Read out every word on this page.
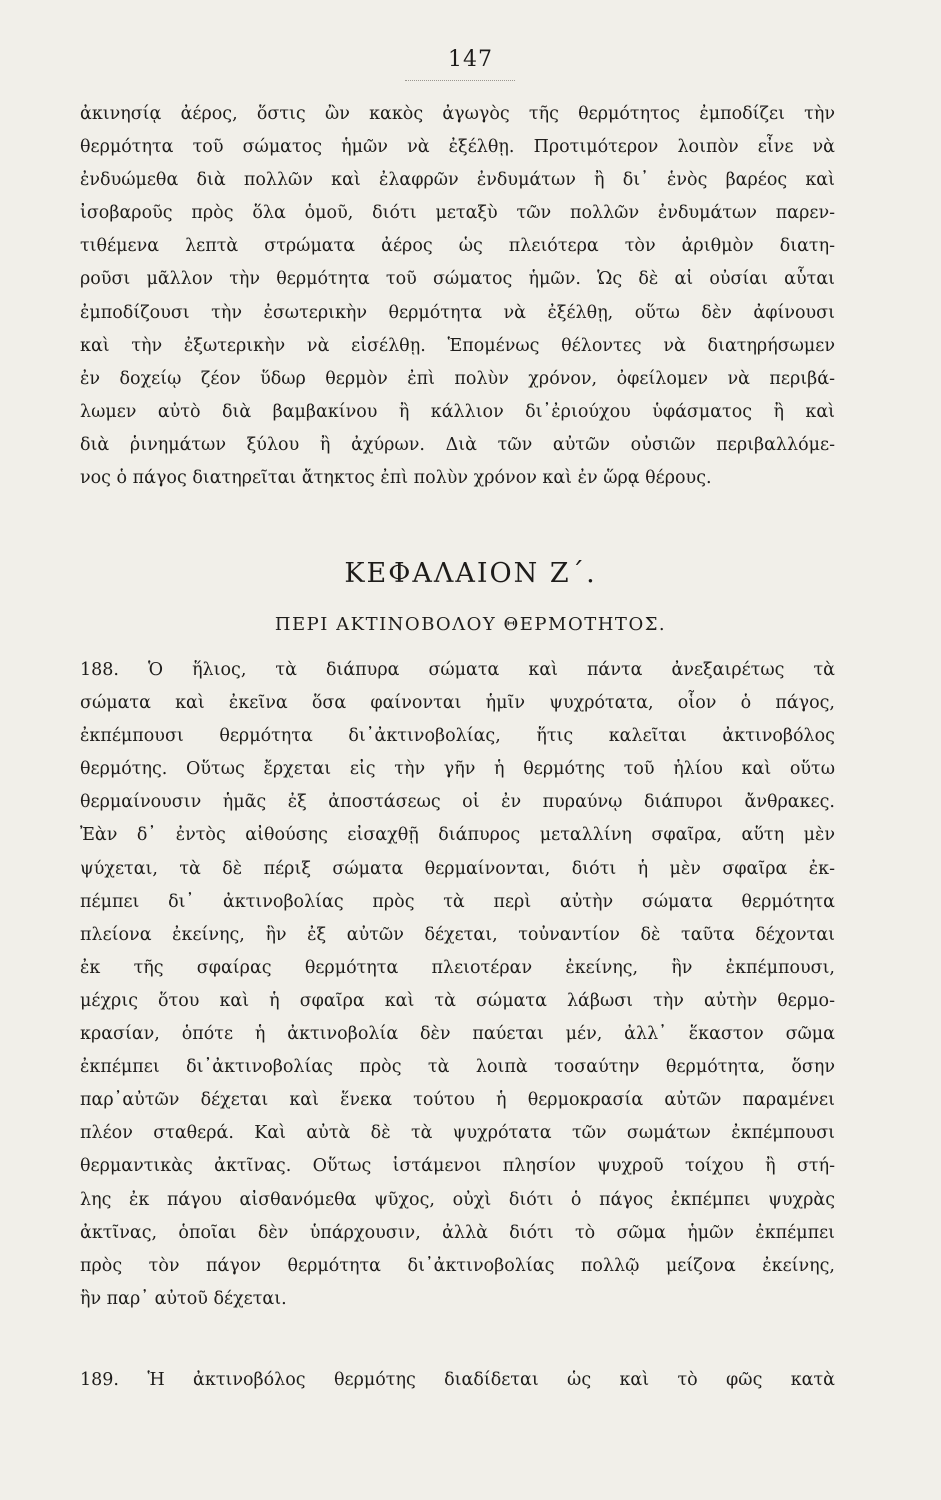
147
ἀκινησίᾳ ἀέρος, ὅστις ὢν κακὸς ἀγωγὸς τῆς θερμότητος ἐμποδίζει τὴν
θερμότητα τοῦ σώματος ἡμῶν νὰ ἐξέλθῃ. Προτιμότερον λοιπὸν εἶνε νὰ
ἐνδυώμεθα διὰ πολλῶν καὶ ἐλαφρῶν ἐνδυμάτων ἢ δι᾽ ἑνὸς βαρέος καὶ
ἰσοβαροῦς πρὸς ὅλα ὁμοῦ, διότι μεταξὺ τῶν πολλῶν ἐνδυμάτων παρεν-
τιθέμενα λεπτὰ στρώματα ἀέρος ὡς πλειότερα τὸν ἀριθμὸν διατη-
ροῦσι μᾶλλον τὴν θερμότητα τοῦ σώματος ἡμῶν. Ὡς δὲ αἱ οὐσίαι αὗται
ἐμποδίζουσι τὴν ἐσωτερικὴν θερμότητα νὰ ἐξέλθῃ, οὕτω δὲν ἀφίνουσι
καὶ τὴν ἐξωτερικὴν νὰ εἰσέλθῃ. Ἑπομένως θέλοντες νὰ διατηρήσωμεν
ἐν δοχείῳ ζέον ὕδωρ θερμὸν ἐπὶ πολὺν χρόνον, ὀφείλομεν νὰ περιβά-
λωμεν αὐτὸ διὰ βαμβακίνου ἢ κάλλιον δι᾽ἐριούχου ὑφάσματος ἢ καὶ
διὰ ῥινημάτων ξύλου ἢ ἀχύρων. Διὰ τῶν αὐτῶν οὐσιῶν περιβαλλόμε-
νος ὁ πάγος διατηρεῖται ἄτηκτος ἐπὶ πολὺν χρόνον καὶ ἐν ὥρᾳ θέρους.
ΚΕΦΑΛΑΙΟΝ Ζ΄.
ΠΕΡΙ ΑΚΤΙΝΟΒΟΛΟΥ ΘΕΡΜΟΤΗΤΟΣ.
188. Ὁ ἥλιος, τὰ διάπυρα σώματα καὶ πάντα ἀνεξαιρέτως τὰ
σώματα καὶ ἐκεῖνα ὅσα φαίνονται ἡμῖν ψυχρότατα, οἷον ὁ πάγος,
ἐκπέμπουσι θερμότητα δι᾽ἀκτινοβολίας, ἥτις καλεῖται ἀκτινοβόλος
θερμότης. Οὕτως ἔρχεται εἰς τὴν γῆν ἡ θερμότης τοῦ ἡλίου καὶ οὕτω
θερμαίνουσιν ἡμᾶς ἐξ ἀποστάσεως οἱ ἐν πυραύνῳ διάπυροι ἄνθρακες.
Ἐὰν δ᾽ ἐντὸς αἰθούσης εἰσαχθῇ διάπυρος μεταλλίνη σφαῖρα, αὕτη μὲν
ψύχεται, τὰ δὲ πέριξ σώματα θερμαίνονται, διότι ἡ μὲν σφαῖρα ἐκ-
πέμπει δι᾽ ἀκτινοβολίας πρὸς τὰ περὶ αὐτὴν σώματα θερμότητα
πλείονα ἐκείνης, ἣν ἐξ αὐτῶν δέχεται, τοὐναντίον δὲ ταῦτα δέχονται
ἐκ τῆς σφαίρας θερμότητα πλειοτέραν ἐκείνης, ἣν ἐκπέμπουσι,
μέχρις ὅτου καὶ ἡ σφαῖρα καὶ τὰ σώματα λάβωσι τὴν αὐτὴν θερμο-
κρασίαν, ὁπότε ἡ ἀκτινοβολία δὲν παύεται μέν, ἀλλ᾽ ἕκαστον σῶμα
ἐκπέμπει δι᾽ἀκτινοβολίας πρὸς τὰ λοιπὰ τοσαύτην θερμότητα, ὅσην
παρ᾽αὐτῶν δέχεται καὶ ἕνεκα τούτου ἡ θερμοκρασία αὐτῶν παραμένει
πλέον σταθερά. Καὶ αὐτὰ δὲ τὰ ψυχρότατα τῶν σωμάτων ἐκπέμπουσι
θερμαντικὰς ἀκτῖνας. Οὕτως ἱστάμενοι πλησίον ψυχροῦ τοίχου ἢ στή-
λης ἐκ πάγου αἰσθανόμεθα ψῦχος, οὐχὶ διότι ὁ πάγος ἐκπέμπει ψυχρὰς
ἀκτῖνας, ὁποῖαι δὲν ὑπάρχουσιν, ἀλλὰ διότι τὸ σῶμα ἡμῶν ἐκπέμπει
πρὸς τὸν πάγον θερμότητα δι᾽ἀκτινοβολίας πολλῷ μείζονα ἐκείνης,
ἣν παρ᾽ αὐτοῦ δέχεται.
189. Ἡ ἀκτινοβόλος θερμότης διαδίδεται ὡς καὶ τὸ φῶς κατὰ
